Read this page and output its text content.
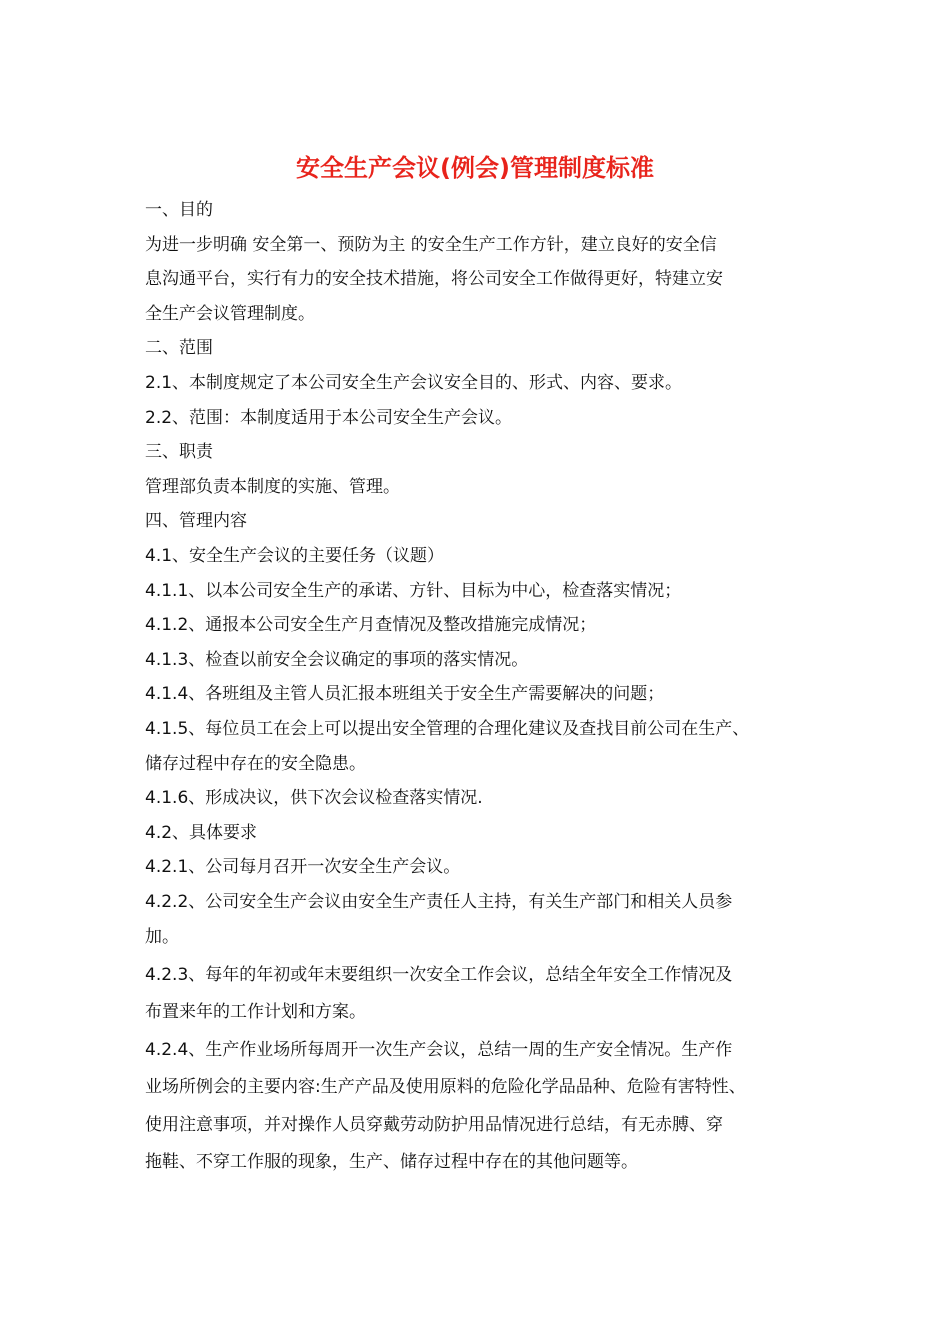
安全生产会议(例会)管理制度标准
一、目的
为进一步明确 安全第一、预防为主 的安全生产工作方针，建立良好的安全信
息沟通平台，实行有力的安全技术措施，将公司安全工作做得更好，特建立安
全生产会议管理制度。
二、范围
2.1、本制度规定了本公司安全生产会议安全目的、形式、内容、要求。
2.2、范围：本制度适用于本公司安全生产会议。
三、职责
管理部负责本制度的实施、管理。
四、管理内容
4.1、安全生产会议的主要任务（议题）
4.1.1、以本公司安全生产的承诺、方针、目标为中心，检查落实情况；
4.1.2、通报本公司安全生产月查情况及整改措施完成情况；
4.1.3、检查以前安全会议确定的事项的落实情况。
4.1.4、各班组及主管人员汇报本班组关于安全生产需要解决的问题；
4.1.5、每位员工在会上可以提出安全管理的合理化建议及查找目前公司在生产、
储存过程中存在的安全隐患。
4.1.6、形成决议，供下次会议检查落实情况.
4.2、具体要求
4.2.1、公司每月召开一次安全生产会议。
4.2.2、公司安全生产会议由安全生产责任人主持，有关生产部门和相关人员参
加。
4.2.3、每年的年初或年末要组织一次安全工作会议，总结全年安全工作情况及
布置来年的工作计划和方案。
4.2.4、生产作业场所每周开一次生产会议，总结一周的生产安全情况。生产作
业场所例会的主要内容:生产产品及使用原料的危险化学品品种、危险有害特性、
使用注意事项，并对操作人员穿戴劳动防护用品情况进行总结，有无赤膊、穿
拖鞋、不穿工作服的现象，生产、储存过程中存在的其他问题等。
